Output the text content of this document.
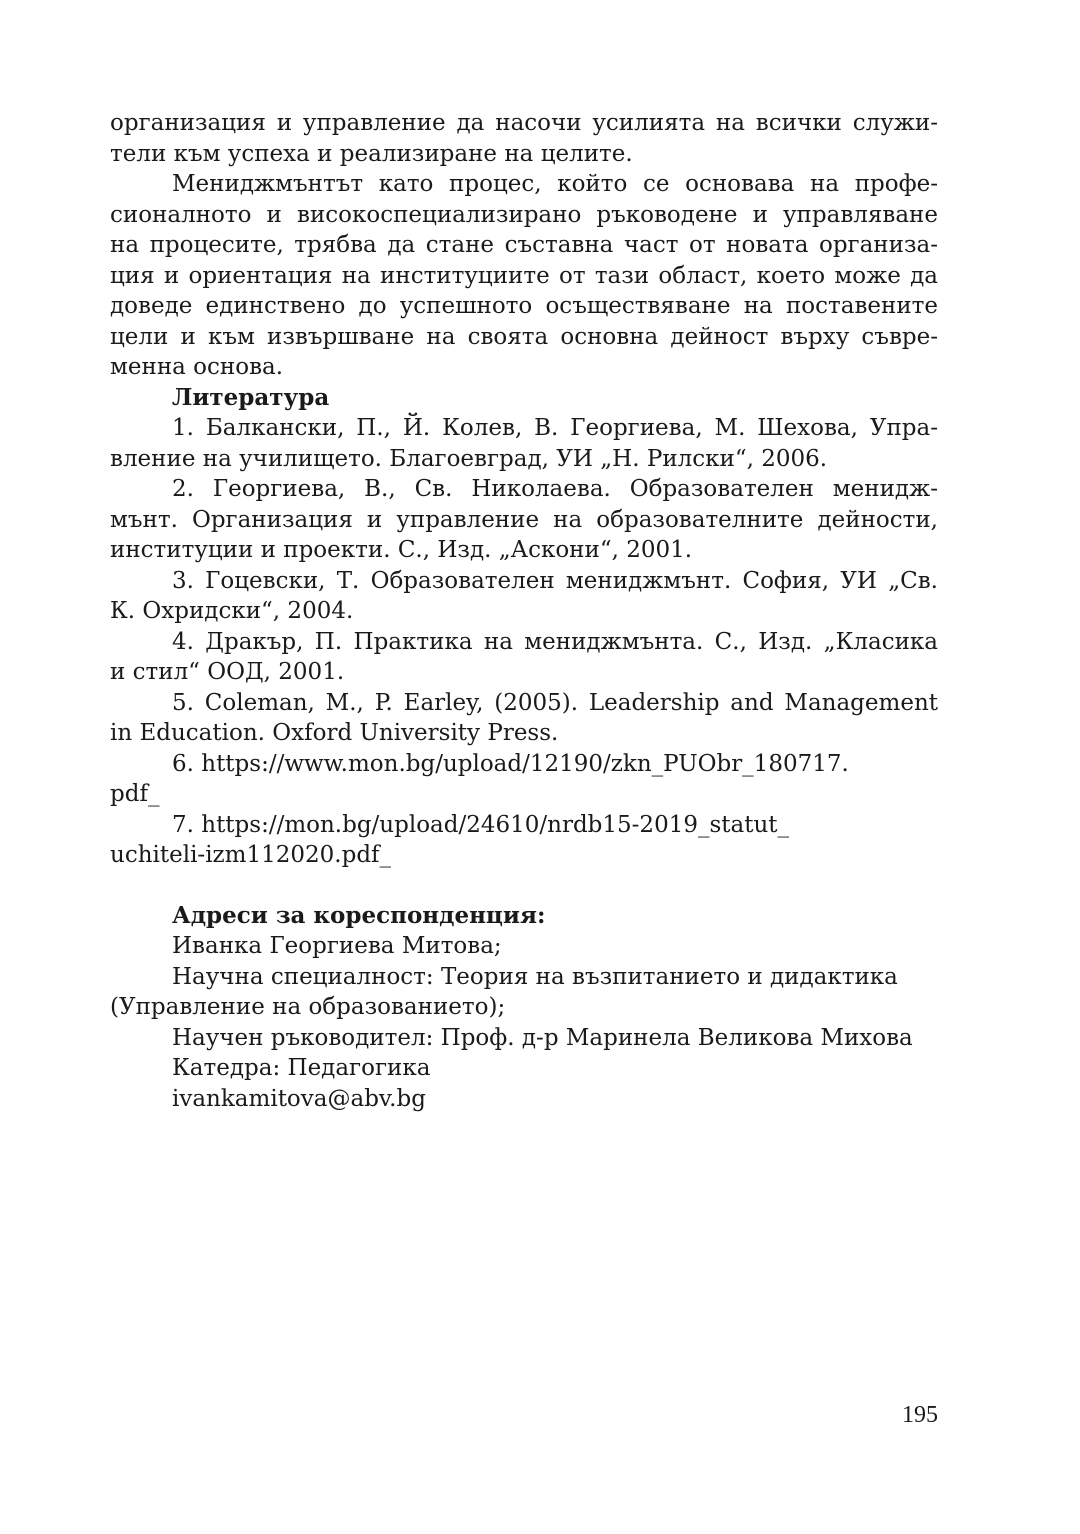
организация и управление да насочи усилията на всички служи-
тели към успеха и реализиране на целите.
Мениджмънтът като процес, който се основава на профе-
сионалното и високоспециализирано ръководене и управляване
на процесите, трябва да стане съставна част от новата организа-
ция и ориентация на институциите от тази област, което може да
доведе единствено до успешното осъществяване на поставените
цели и към извършване на своята основна дейност върху съвре-
менна основа.
Литература
1. Балкански, П., Й. Колев, В. Георгиева, М. Шехова, Упра-
вление на училището. Благоевград, УИ „Н. Рилски“, 2006.
2. Георгиева, В., Св. Николаева. Образователен менидж-
мънт. Организация и управление на образователните дейности,
институции и проекти. С., Изд. „Аскони“, 2001.
3. Гоцевски, Т. Образователен мениджмънт. София, УИ „Св.
К. Охридски“, 2004.
4. Дракър, П. Практика на мениджмънта. С., Изд. „Класика
и стил“ ООД, 2001.
5. Coleman, M., P. Earley, (2005). Leadership and Management
in Education. Oxford University Press.
6. https://www.mon.bg/upload/12190/zkn_PUObr_180717.
pdf_
7. https://mon.bg/upload/24610/nrdb15-2019_statut_
uchiteli-izm112020.pdf_
Адреси за кореспонденция:
Иванка Георгиева Митова;
Научна специалност: Теория на възпитанието и дидактика
(Управление на образованието);
Научен ръководител: Проф. д-р Маринела Великова Михова
Катедра: Педагогика
ivankamitova@abv.bg
195
